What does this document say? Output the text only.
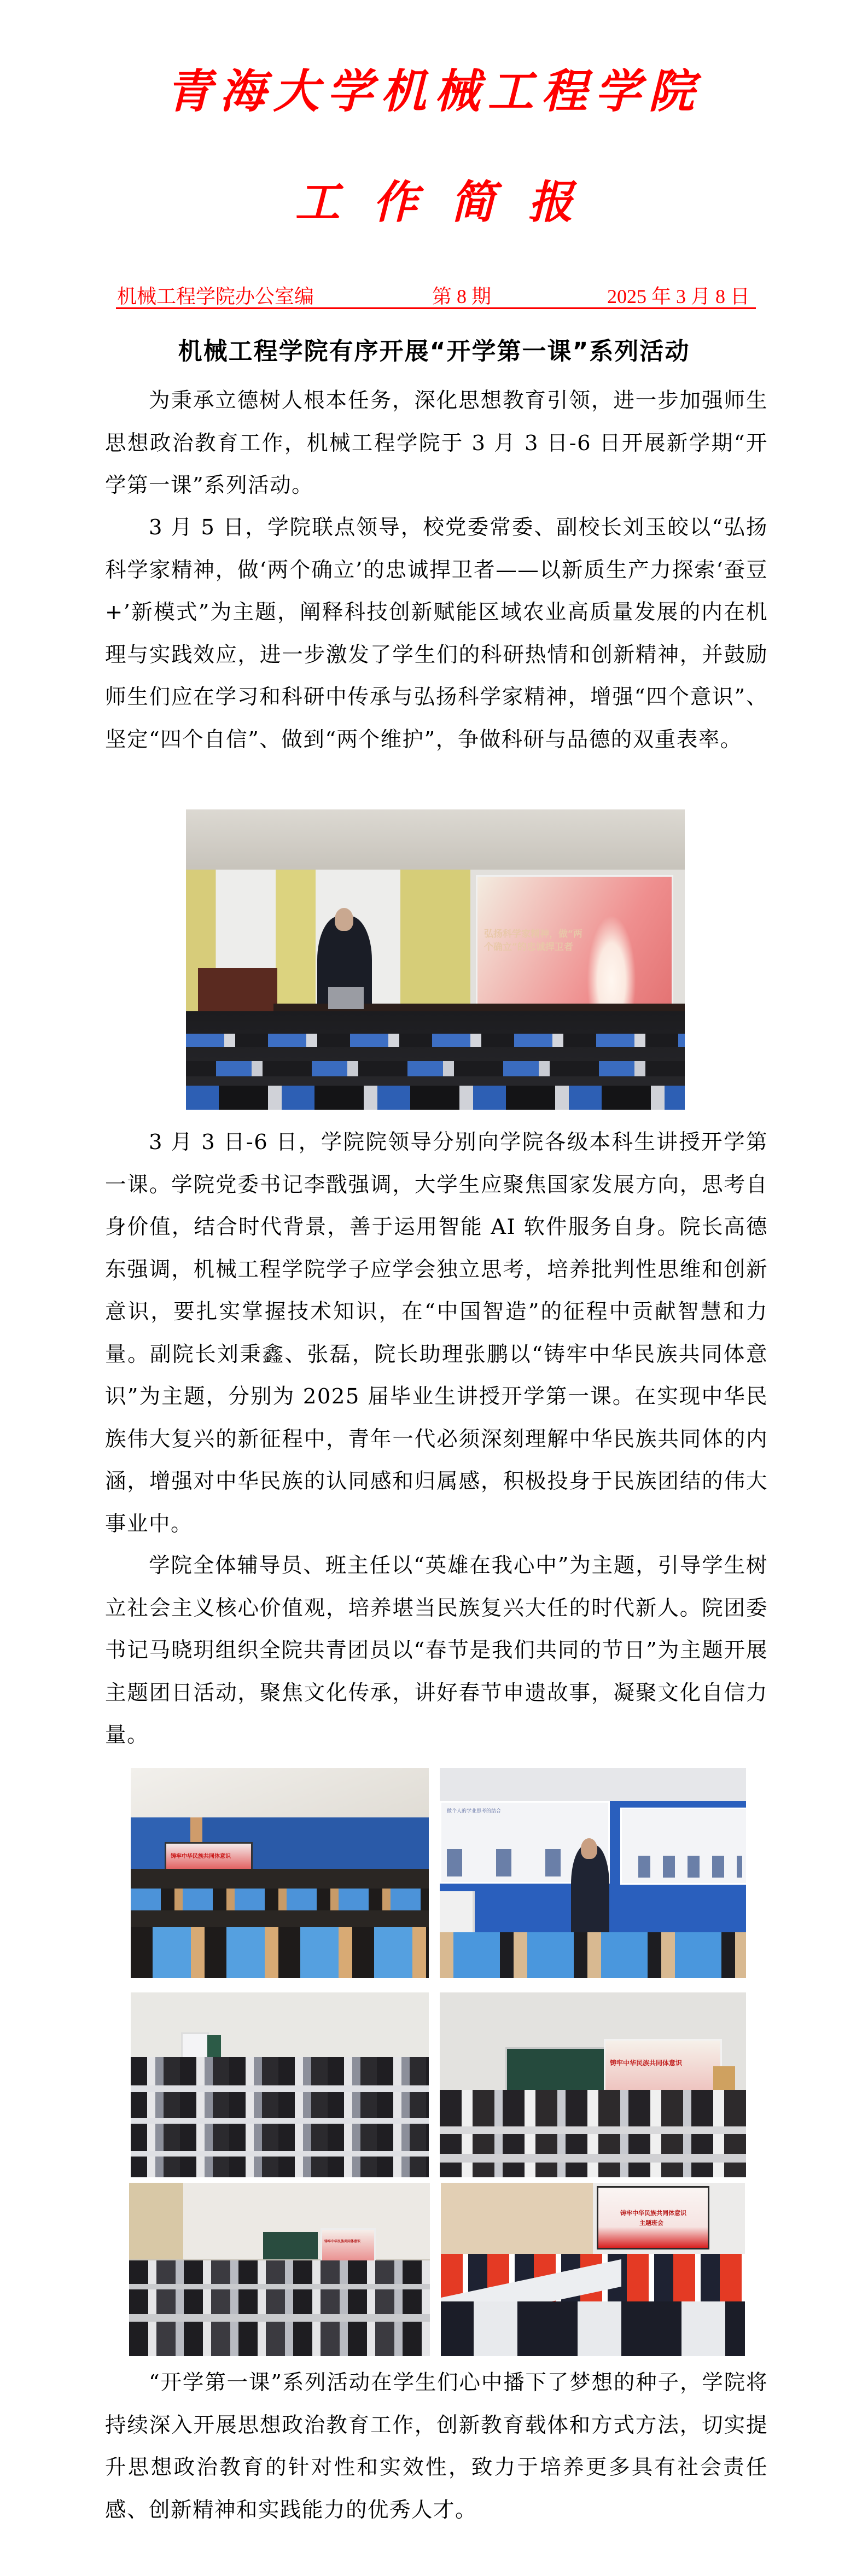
青海大学机械工程学院
工作简报
机械工程学院办公室编	第 8 期	2025 年 3 月 8 日
机械工程学院有序开展“开学第一课”系列活动

为秉承立德树人根本任务，深化思想教育引领，进一步加强师生思想政治教育工作，机械工程学院于 3 月 3 日-6 日开展新学期“开学第一课”系列活动。

3 月 5 日，学院联点领导，校党委常委、副校长刘玉皎以“弘扬科学家精神，做‘两个确立’的忠诚捍卫者——以新质生产力探索‘蚕豆 +’新模式”为主题，阐释科技创新赋能区域农业高质量发展的内在机理与实践效应，进一步激发了学生们的科研热情和创新精神，并鼓励师生们应在学习和科研中传承与弘扬科学家精神，增强“四个意识”、坚定“四个自信”、做到“两个维护”，争做科研与品德的双重表率。

弘扬科学家精神，做“两
个确立”的忠诚捍卫者

3 月 3 日-6 日，学院院领导分别向学院各级本科生讲授开学第一课。学院党委书记李戬强调，大学生应聚焦国家发展方向，思考自身价值，结合时代背景，善于运用智能 AI 软件服务自身。院长高德东强调，机械工程学院学子应学会独立思考，培养批判性思维和创新意识，要扎实掌握技术知识，在“中国智造”的征程中贡献智慧和力量。副院长刘秉鑫、张磊，院长助理张鹏以“铸牢中华民族共同体意识”为主题，分别为 2025 届毕业生讲授开学第一课。在实现中华民族伟大复兴的新征程中，青年一代必须深刻理解中华民族共同体的内涵，增强对中华民族的认同感和归属感，积极投身于民族团结的伟大事业中。

学院全体辅导员、班主任以“英雄在我心中”为主题，引导学生树立社会主义核心价值观，培养堪当民族复兴大任的时代新人。院团委书记马晓玥组织全院共青团员以“春节是我们共同的节日”为主题开展主题团日活动，聚焦文化传承，讲好春节申遗故事，凝聚文化自信力量。

铸牢中华民族共同体意识
做个人的学业思考的结合
铸牢中华民族共同体意识
铸牢中华民族共同体意识
铸牢中华民族共同体意识
主题班会

“开学第一课”系列活动在学生们心中播下了梦想的种子，学院将持续深入开展思想政治教育工作，创新教育载体和方式方法，切实提升思想政治教育的针对性和实效性，致力于培养更多具有社会责任感、创新精神和实践能力的优秀人才。
